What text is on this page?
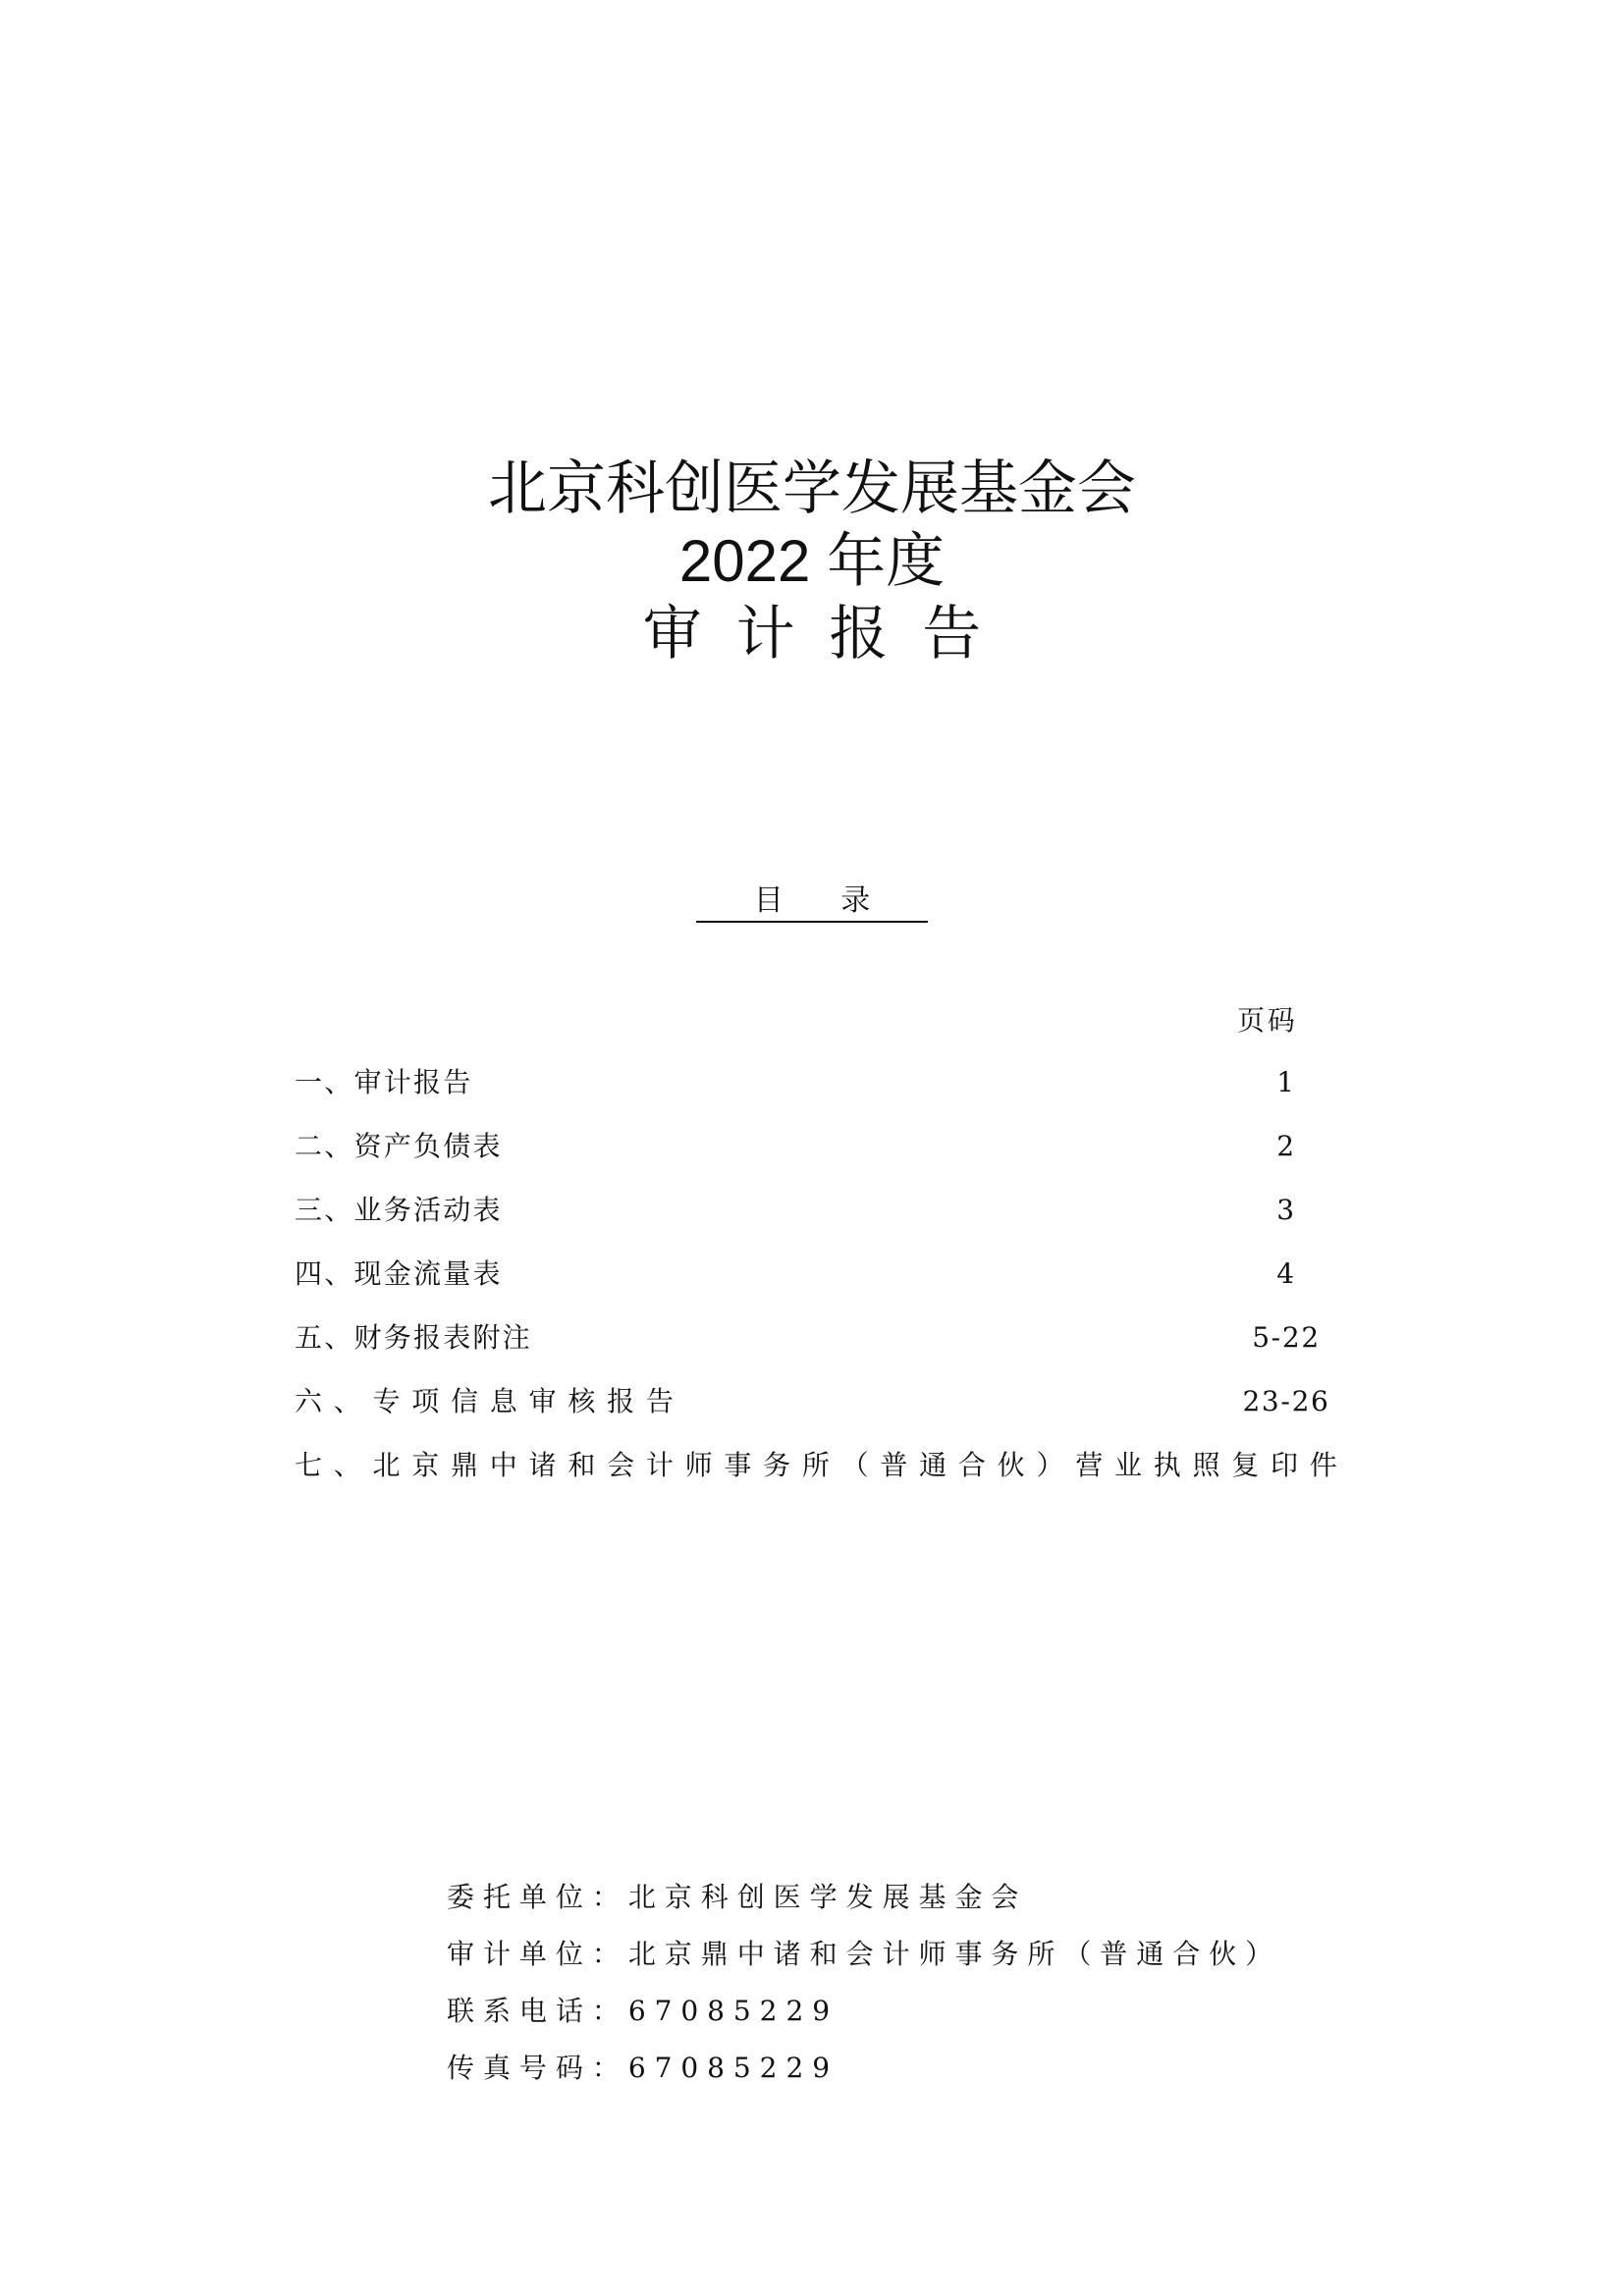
北京科创医学发展基金会
2022 年度
审计报告
目录
页码
一、审计报告	1
二、资产负债表	2
三、业务活动表	3
四、现金流量表	4
五、财务报表附注	5-22
六、专项信息审核报告	23-26
七、北京鼎中诸和会计师事务所（普通合伙）营业执照复印件
委托单位：北京科创医学发展基金会
审计单位：北京鼎中诸和会计师事务所（普通合伙）
联系电话：67085229
传真号码：67085229
